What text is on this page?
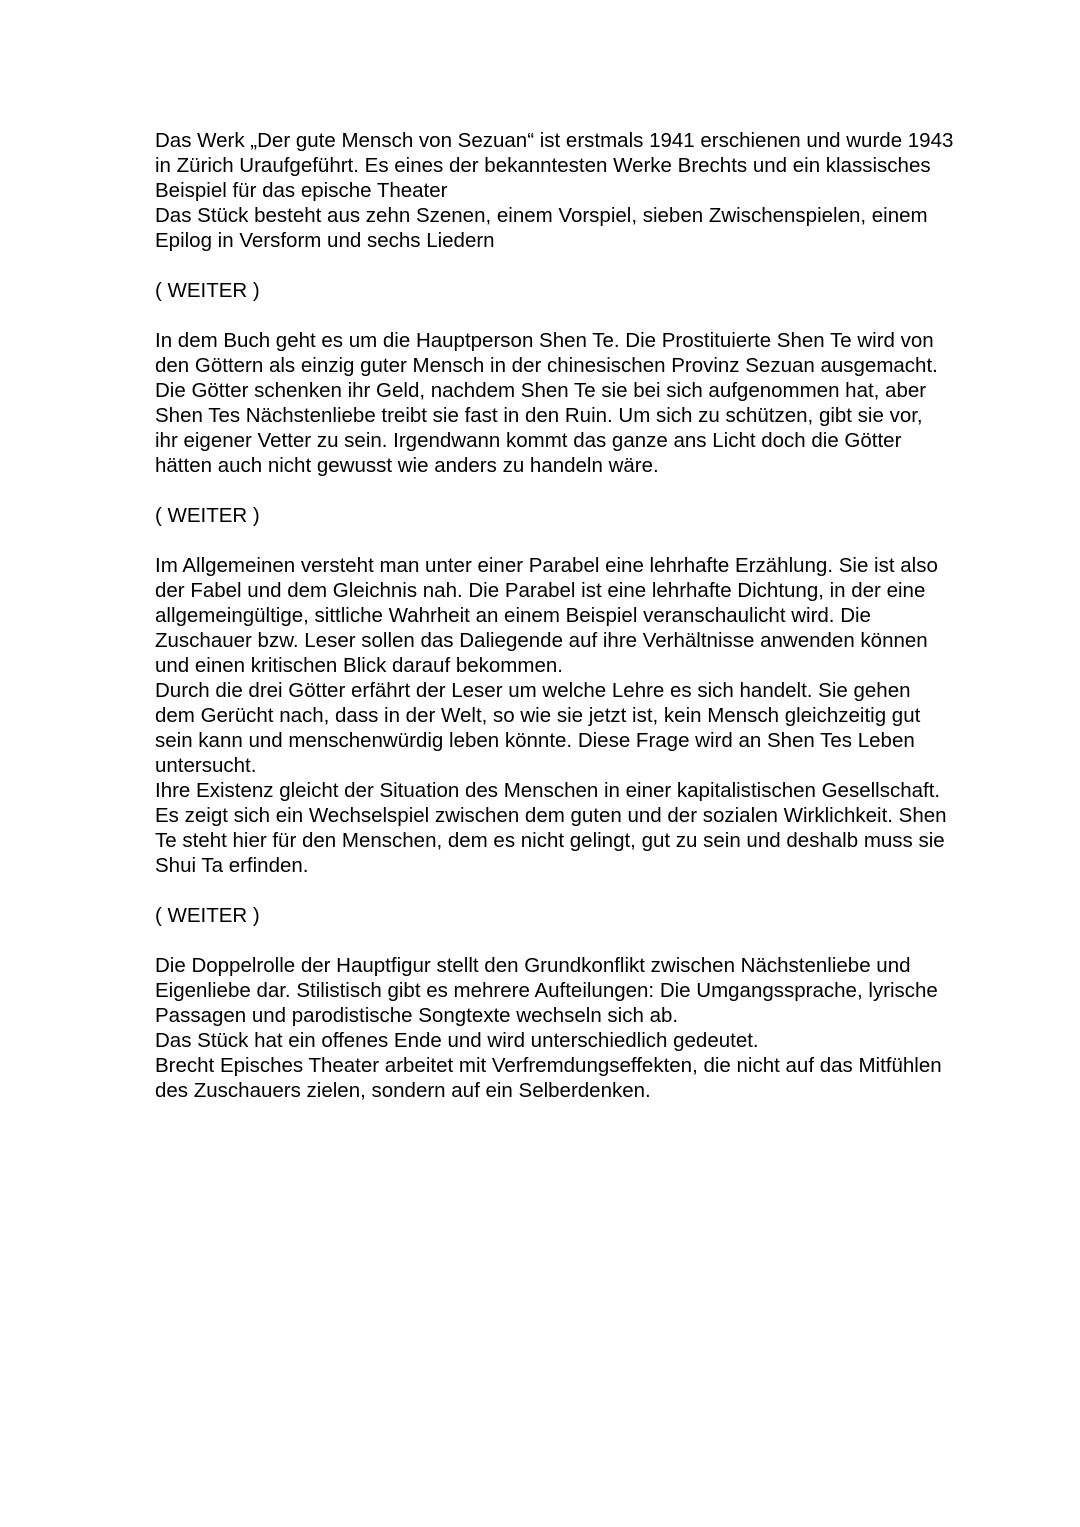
Das Werk „Der gute Mensch von Sezuan“ ist erstmals 1941 erschienen und wurde 1943
in Zürich Uraufgeführt. Es eines der bekanntesten Werke Brechts und ein klassisches
Beispiel für das epische Theater
Das Stück besteht aus zehn Szenen, einem Vorspiel, sieben Zwischenspielen, einem
Epilog in Versform und sechs Liedern
( WEITER )
In dem Buch geht es um die Hauptperson Shen Te. Die Prostituierte Shen Te wird von
den Göttern als einzig guter Mensch in der chinesischen Provinz Sezuan ausgemacht.
Die Götter schenken ihr Geld, nachdem Shen Te sie bei sich aufgenommen hat, aber
Shen Tes Nächstenliebe treibt sie fast in den Ruin. Um sich zu schützen, gibt sie vor,
ihr eigener Vetter zu sein. Irgendwann kommt das ganze ans Licht doch die Götter
hätten auch nicht gewusst wie anders zu handeln wäre.
( WEITER )
Im Allgemeinen versteht man unter einer Parabel eine lehrhafte Erzählung. Sie ist also
der Fabel und dem Gleichnis nah. Die Parabel ist eine lehrhafte Dichtung, in der eine
allgemeingültige, sittliche Wahrheit an einem Beispiel veranschaulicht wird. Die
Zuschauer bzw. Leser sollen das Daliegende auf ihre Verhältnisse anwenden können
und einen kritischen Blick darauf bekommen.
Durch die drei Götter erfährt der Leser um welche Lehre es sich handelt. Sie gehen
dem Gerücht nach, dass in der Welt, so wie sie jetzt ist, kein Mensch gleichzeitig gut
sein kann und menschenwürdig leben könnte. Diese Frage wird an Shen Tes Leben
untersucht.
Ihre Existenz gleicht der Situation des Menschen in einer kapitalistischen Gesellschaft.
Es zeigt sich ein Wechselspiel zwischen dem guten und der sozialen Wirklichkeit. Shen
Te steht hier für den Menschen, dem es nicht gelingt, gut zu sein und deshalb muss sie
Shui Ta erfinden.
( WEITER )
Die Doppelrolle der Hauptfigur stellt den Grundkonflikt zwischen Nächstenliebe und
Eigenliebe dar. Stilistisch gibt es mehrere Aufteilungen: Die Umgangssprache, lyrische
Passagen und parodistische Songtexte wechseln sich ab.
Das Stück hat ein offenes Ende und wird unterschiedlich gedeutet.
Brecht Episches Theater arbeitet mit Verfremdungseffekten, die nicht auf das Mitfühlen
des Zuschauers zielen, sondern auf ein Selberdenken.
